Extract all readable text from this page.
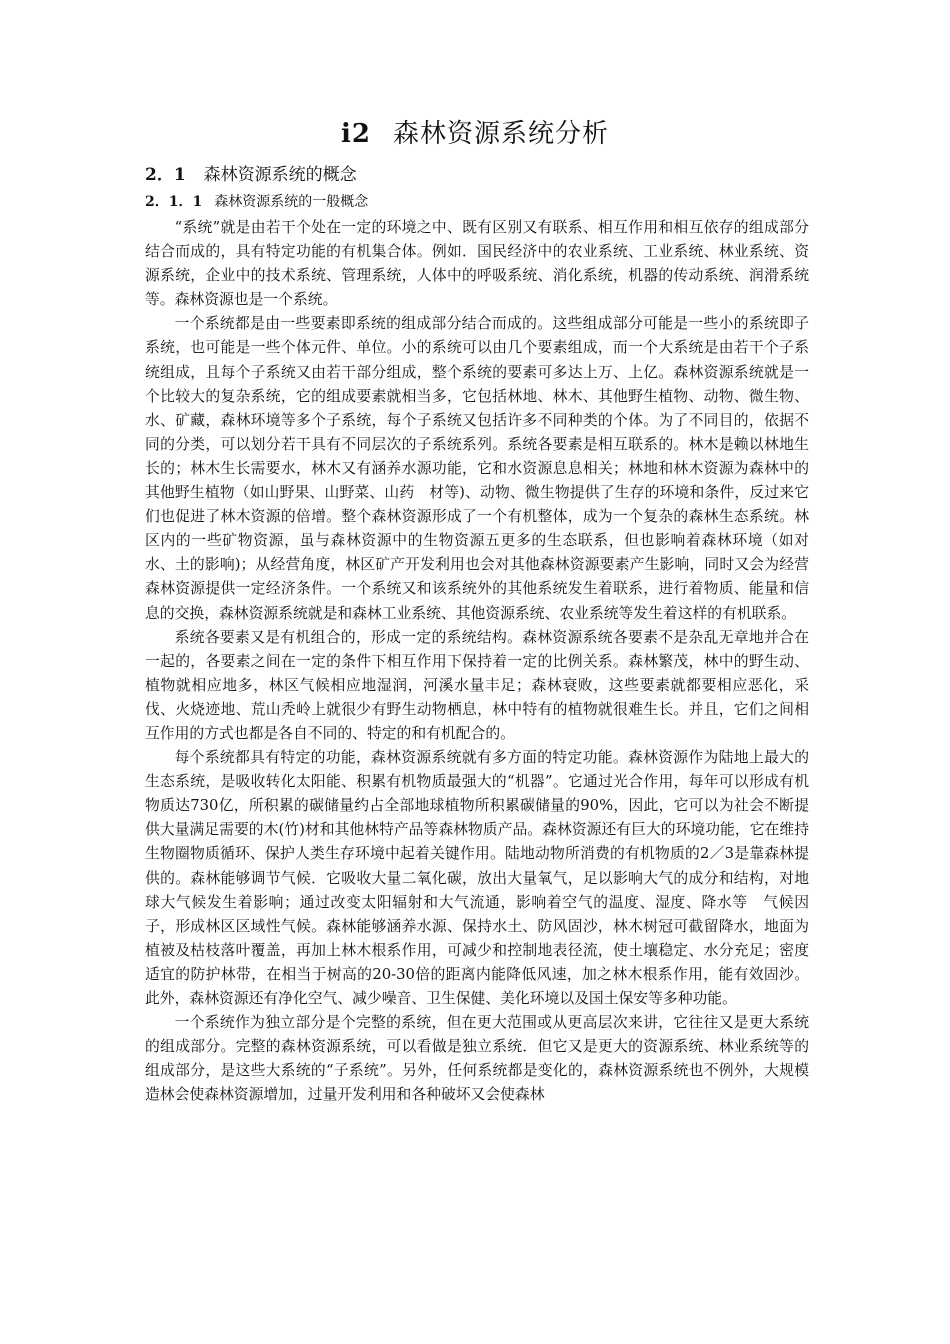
i2 森林资源系统分析
2．1 森林资源系统的概念
2．1．1 森林资源系统的一般概念

“系统”就是由若干个处在一定的环境之中、既有区别又有联系、相互作用和相互依存的组成部分结合而成的，具有特定功能的有机集合体。例如．国民经济中的农业系统、工业系统、林业系统、资源系统，企业中的技术系统、管理系统，人体中的呼吸系统、消化系统，机器的传动系统、润滑系统等。森林资源也是一个系统。

一个系统都是由一些要素即系统的组成部分结合而成的。这些组成部分可能是一些小的系统即子系统，也可能是一些个体元件、单位。小的系统可以由几个要素组成，而一个大系统是由若干个子系统组成，且每个子系统又由若干部分组成，整个系统的要素可多达上万、上亿。森林资源系统就是一个比较大的复杂系统，它的组成要素就相当多，它包括林地、林木、其他野生植物、动物、微生物、水、矿藏，森林环境等多个子系统，每个子系统又包括许多不同种类的个体。为了不同目的，依据不同的分类，可以划分若干具有不同层次的子系统系列。系统各要素是相互联系的。林木是赖以林地生长的；林木生长需要水，林木又有涵养水源功能，它和水资源息息相关；林地和林木资源为森林中的其他野生植物（如山野果、山野菜、山药　材等)、动物、微生物提供了生存的环境和条件，反过来它们也促进了林木资源的倍增。整个森林资源形成了一个有机整体，成为一个复杂的森林生态系统。林区内的一些矿物资源，虽与森林资源中的生物资源五更多的生态联系，但也影响着森林环境（如对水、土的影响)；从经营角度，林区矿产开发利用也会对其他森林资源要素产生影响，同时又会为经营森林资源提供一定经济条件。一个系统又和该系统外的其他系统发生着联系，进行着物质、能量和信息的交换，森林资源系统就是和森林工业系统、其他资源系统、农业系统等发生着这样的有机联系。

系统各要素又是有机组合的，形成一定的系统结构。森林资源系统各要素不是杂乱无章地并合在一起的，各要素之间在一定的条件下相互作用下保持着一定的比例关系。森林繁茂，林中的野生动、植物就相应地多，林区气候相应地湿润，河溪水量丰足；森林衰败，这些要素就都要相应恶化，采伐、火烧迹地、荒山秃岭上就很少有野生动物栖息，林中特有的植物就很难生长。并且，它们之间相互作用的方式也都是各自不同的、特定的和有机配合的。

每个系统都具有特定的功能，森林资源系统就有多方面的特定功能。森林资源作为陆地上最大的生态系统，是吸收转化太阳能、积累有机物质最强大的“机器”。它通过光合作用，每年可以形成有机物质达730亿，所积累的碳储量约占全部地球植物所积累碳储量的90%，因此，它可以为社会不断提供大量满足需要的木(竹)材和其他林特产品等森林物质产品。森林资源还有巨大的环境功能，它在维持生物圈物质循环、保护人类生存环境中起着关键作用。陆地动物所消费的有机物质的2／3是靠森林提供的。森林能够调节气候．它吸收大量二氧化碳，放出大量氧气，足以影响大气的成分和结构，对地球大气候发生着影响；通过改变太阳辐射和大气流通，影响着空气的温度、湿度、降水等　气候因子，形成林区区域性气候。森林能够涵养水源、保持水土、防风固沙，林木树冠可截留降水，地面为植被及枯枝落叶覆盖，再加上林木根系作用，可减少和控制地表径流，使土壤稳定、水分充足；密度适宜的防护林带，在相当于树高的20-30倍的距离内能降低风速，加之林木根系作用，能有效固沙。此外，森林资源还有净化空气、减少噪音、卫生保健、美化环境以及国土保安等多种功能。

一个系统作为独立部分是个完整的系统，但在更大范围或从更高层次来讲，它往往又是更大系统的组成部分。完整的森林资源系统，可以看做是独立系统．但它又是更大的资源系统、林业系统等的组成部分，是这些大系统的“子系统”。另外，任何系统都是变化的，森林资源系统也不例外，大规模造林会使森林资源增加，过量开发利用和各种破坏又会使森林
